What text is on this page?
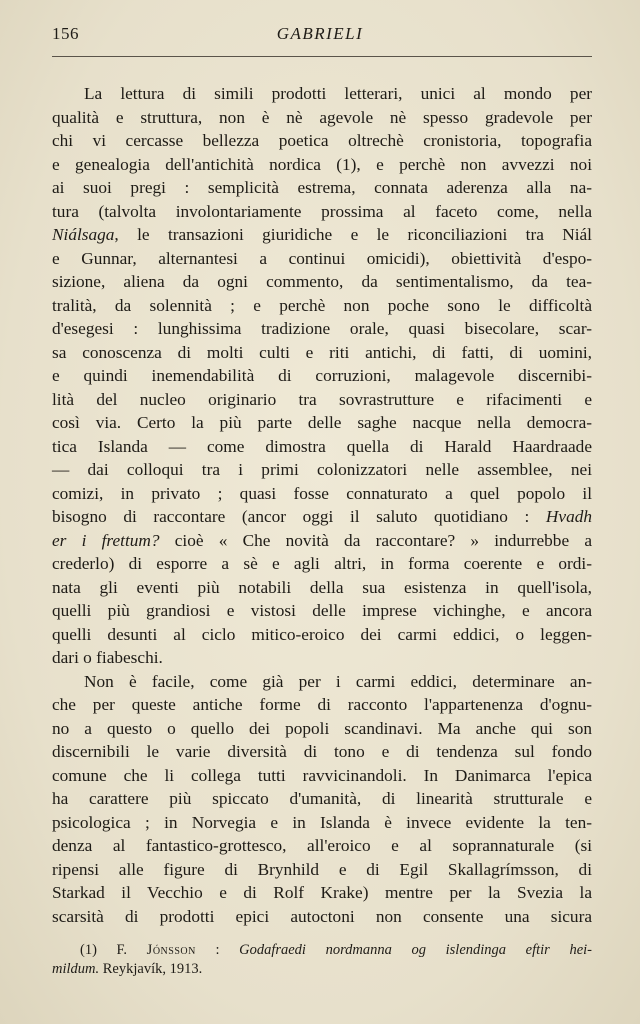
156	GABRIELI
La lettura di simili prodotti letterari, unici al mondo per
qualità e struttura, non è nè agevole nè spesso gradevole per
chi vi cercasse bellezza poetica oltrechè cronistoria, topografia
e genealogia dell'antichità nordica (1), e perchè non avvezzi noi
ai suoi pregi : semplicità estrema, connata aderenza alla na-
tura (talvolta involontariamente prossima al faceto come, nella
Niálsaga, le transazioni giuridiche e le riconciliazioni tra Niál
e Gunnar, alternantesi a continui omicidi), obiettività d'espo-
sizione, aliena da ogni commento, da sentimentalismo, da tea-
tralità, da solennità ; e perchè non poche sono le difficoltà
d'esegesi : lunghissima tradizione orale, quasi bisecolare, scar-
sa conoscenza di molti culti e riti antichi, di fatti, di uomini,
e quindi inemendabilità di corruzioni, malagevole discernibi-
lità del nucleo originario tra sovrastrutture e rifacimenti e
così via. Certo la più parte delle saghe nacque nella democra-
tica Islanda — come dimostra quella di Harald Haardraade
— dai colloqui tra i primi colonizzatori nelle assemblee, nei
comizi, in privato ; quasi fosse connaturato a quel popolo il
bisogno di raccontare (ancor oggi il saluto quotidiano : Hvadh
er i frettum? cioè « Che novità da raccontare? » indurrebbe a
crederlo) di esporre a sè e agli altri, in forma coerente e ordi-
nata gli eventi più notabili della sua esistenza in quell'isola,
quelli più grandiosi e vistosi delle imprese vichinghe, e ancora
quelli desunti al ciclo mitico-eroico dei carmi eddici, o leggen-
dari o fiabeschi.
Non è facile, come già per i carmi eddici, determinare an-
che per queste antiche forme di racconto l'appartenenza d'ognu-
no a questo o quello dei popoli scandinavi. Ma anche qui son
discernibili le varie diversità di tono e di tendenza sul fondo
comune che li collega tutti ravvicinandoli. In Danimarca l'epica
ha carattere più spiccato d'umanità, di linearità strutturale e
psicologica ; in Norvegia e in Islanda è invece evidente la ten-
denza al fantastico-grottesco, all'eroico e al soprannaturale (si
ripensi alle figure di Brynhild e di Egil Skallagrímsson, di
Starkad il Vecchio e di Rolf Krake) mentre per la Svezia la
scarsità di prodotti epici autoctoni non consente una sicura
(1) F. Jónsson : Godafraedi nordmanna og islendinga eftir hei-
mildum. Reykjavík, 1913.
